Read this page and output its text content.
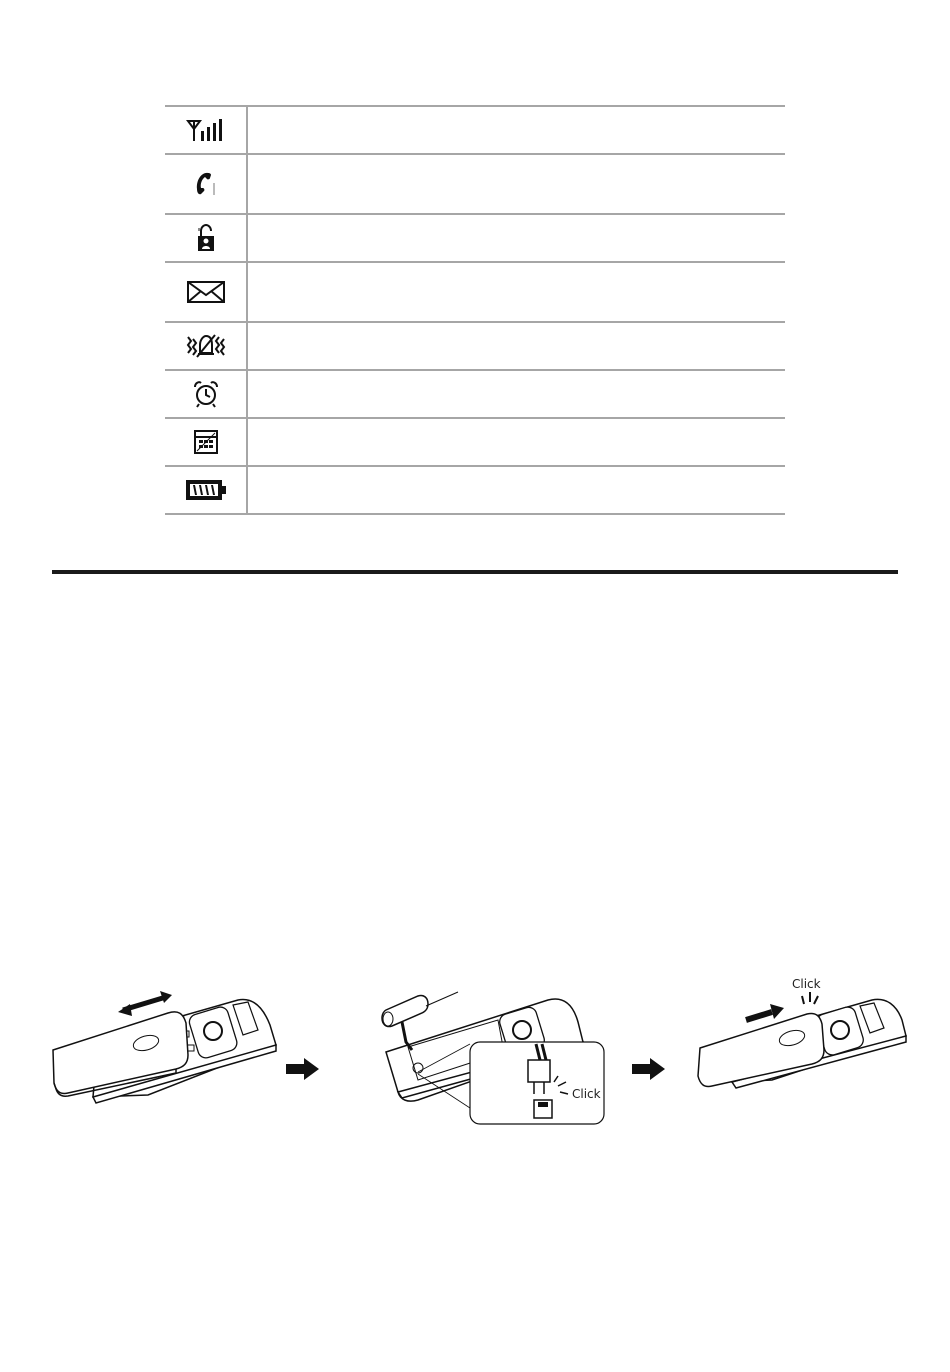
Click
Click
